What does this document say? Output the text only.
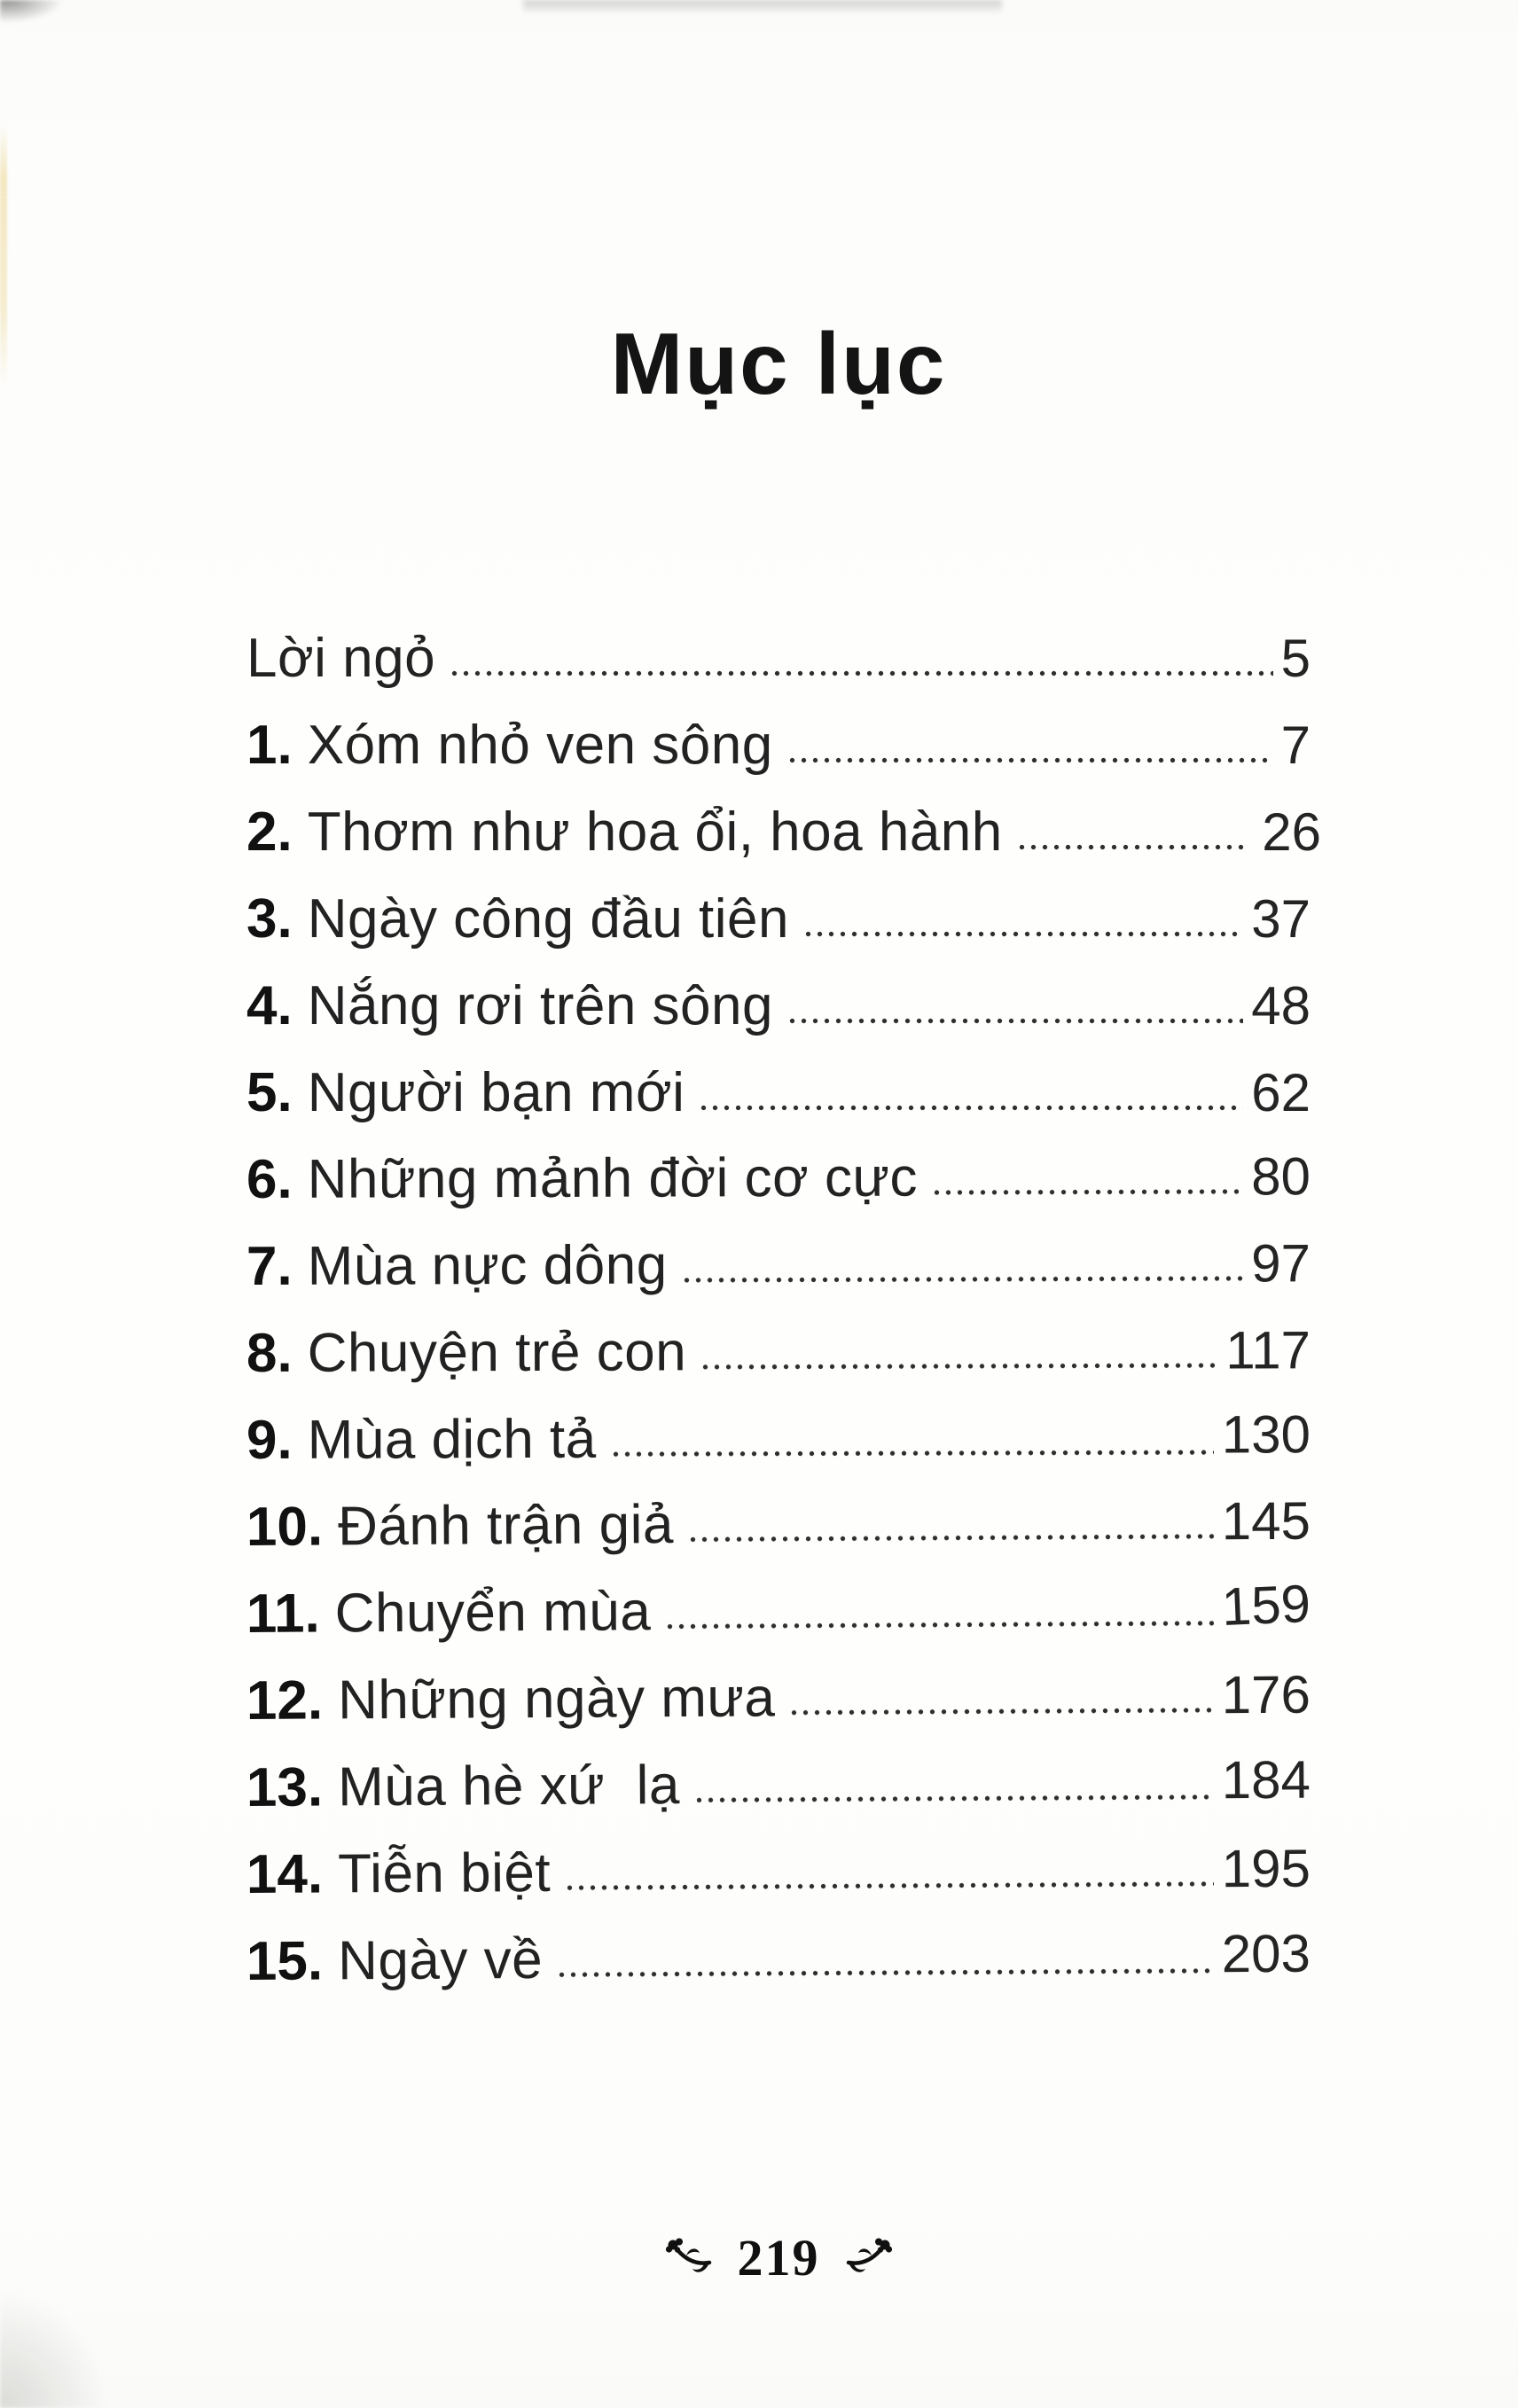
Mục lục
Lời ngỏ	5
1. Xóm nhỏ ven sông	7
2. Thơm như hoa ổi, hoa hành	26
3. Ngày công đầu tiên	37
4. Nắng rơi trên sông	48
5. Người bạn mới	62
6. Những mảnh đời cơ cực	80
7. Mùa nực dông	97
8. Chuyện trẻ con	117
9. Mùa dịch tả	130
10. Đánh trận giả	145
11. Chuyển mùa	159
12. Những ngày mưa	176
13. Mùa hè xứ  lạ	184
14. Tiễn biệt	195
15. Ngày về	203
219
